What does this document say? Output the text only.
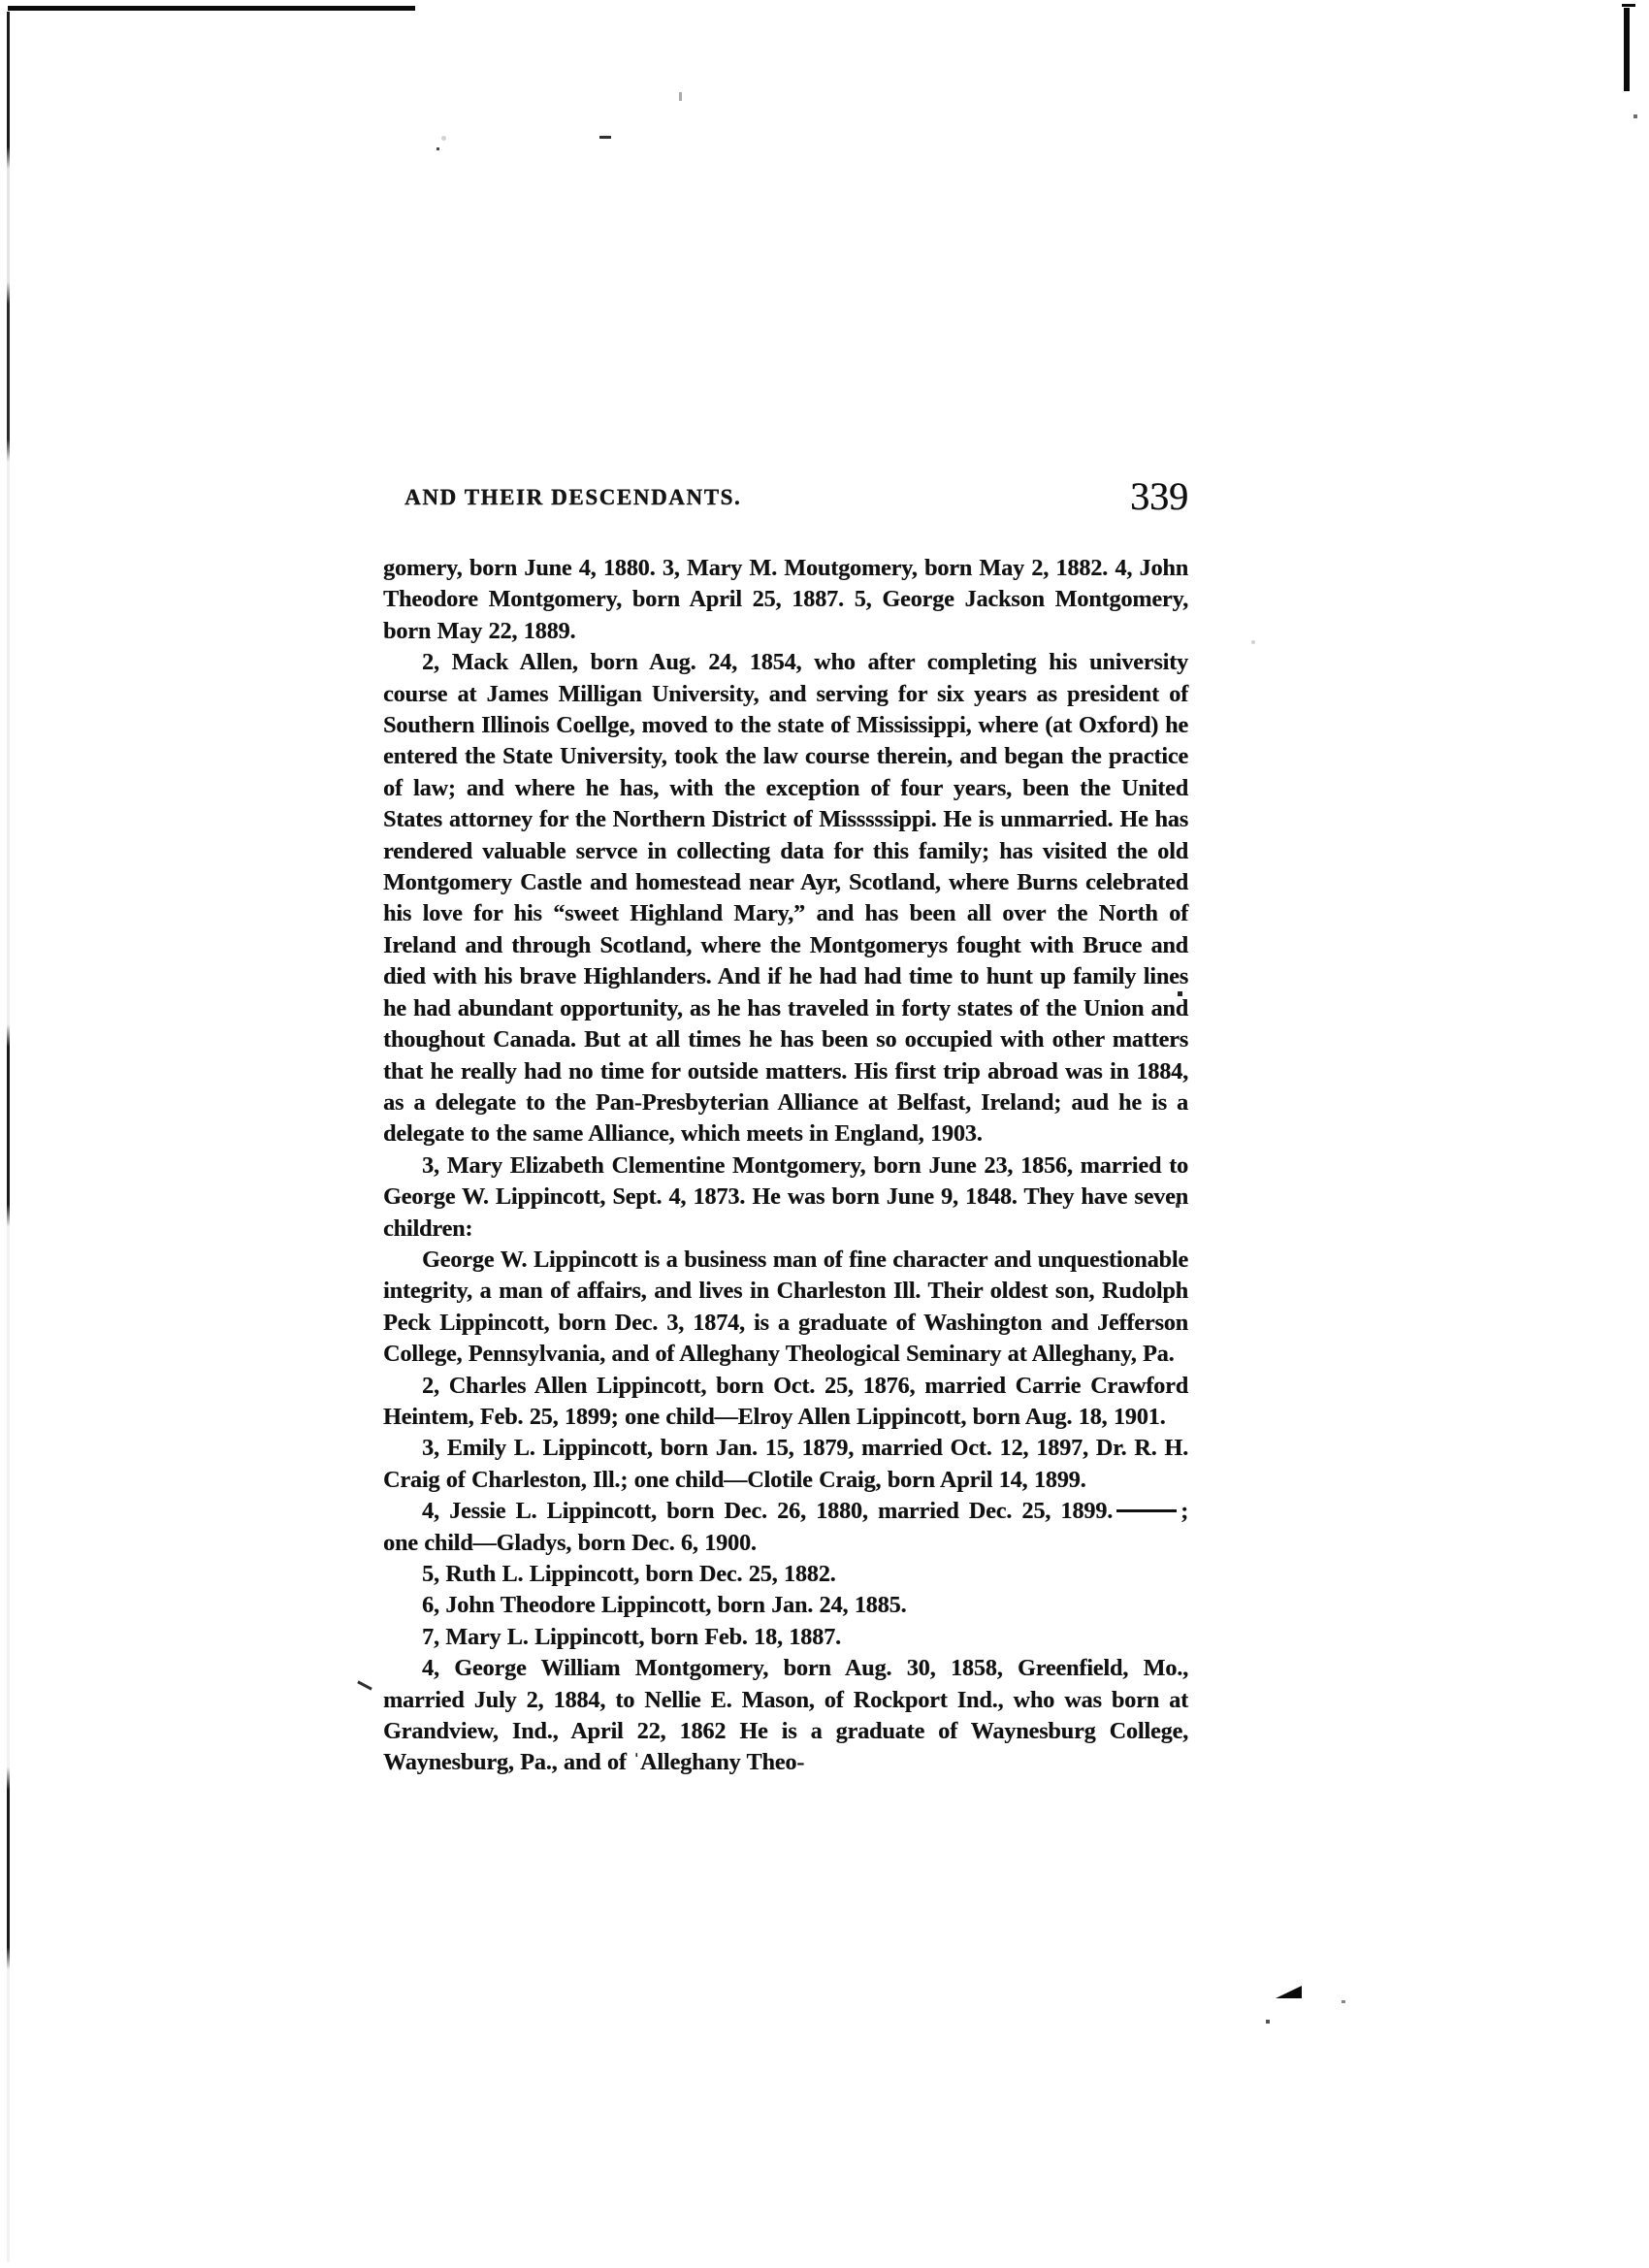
AND THEIR DESCENDANTS.	339

gomery, born June 4, 1880. 3, Mary M. Moutgomery, born May 2, 1882. 4, John Theodore Montgomery, born April 25, 1887. 5, George Jackson Montgomery, born May 22, 1889.

2, Mack Allen, born Aug. 24, 1854, who after completing his university course at James Milligan University, and serving for six years as president of Southern Illinois Coellge, moved to the state of Mississippi, where (at Oxford) he entered the State University, took the law course therein, and began the practice of law; and where he has, with the exception of four years, been the United States attorney for the Northern District of Misssssippi. He is unmarried. He has rendered valuable servce in collecting data for this family; has visited the old Montgomery Castle and homestead near Ayr, Scotland, where Burns celebrated his love for his “sweet Highland Mary,” and has been all over the North of Ireland and through Scotland, where the Montgomerys fought with Bruce and died with his brave Highlanders. And if he had had time to hunt up family lines he had abundant opportunity, as he has traveled in forty states of the Union and thoughout Canada. But at all times he has been so occupied with other matters that he really had no time for outside matters. His first trip abroad was in 1884, as a delegate to the Pan-Presbyterian Alliance at Belfast, Ireland; aud he is a delegate to the same Alliance, which meets in England, 1903.

3, Mary Elizabeth Clementine Montgomery, born June 23, 1856, married to George W. Lippincott, Sept. 4, 1873. He was born June 9, 1848. They have seven children:

George W. Lippincott is a business man of fine character and unquestionable integrity, a man of affairs, and lives in Charleston Ill. Their oldest son, Rudolph Peck Lippincott, born Dec. 3, 1874, is a graduate of Washington and Jefferson College, Pennsylvania, and of Alleghany Theological Seminary at Alleghany, Pa.

2, Charles Allen Lippincott, born Oct. 25, 1876, married Carrie Crawford Heintem, Feb. 25, 1899; one child—Elroy Allen Lippincott, born Aug. 18, 1901.

3, Emily L. Lippincott, born Jan. 15, 1879, married Oct. 12, 1897, Dr. R. H. Craig of Charleston, Ill.; one child—Clotile Craig, born April 14, 1899.

4, Jessie L. Lippincott, born Dec. 26, 1880, married Dec. 25, 1899.	; one child—Gladys, born Dec. 6, 1900.

5, Ruth L. Lippincott, born Dec. 25, 1882.

6, John Theodore Lippincott, born Jan. 24, 1885.

7, Mary L. Lippincott, born Feb. 18, 1887.

4, George William Montgomery, born Aug. 30, 1858, Greenfield, Mo., married July 2, 1884, to Nellie E. Mason, of Rockport Ind., who was born at Grandview, Ind., April 22, 1862 He is a graduate of Waynesburg College, Waynesburg, Pa., and of ˈAlleghany Theo-
